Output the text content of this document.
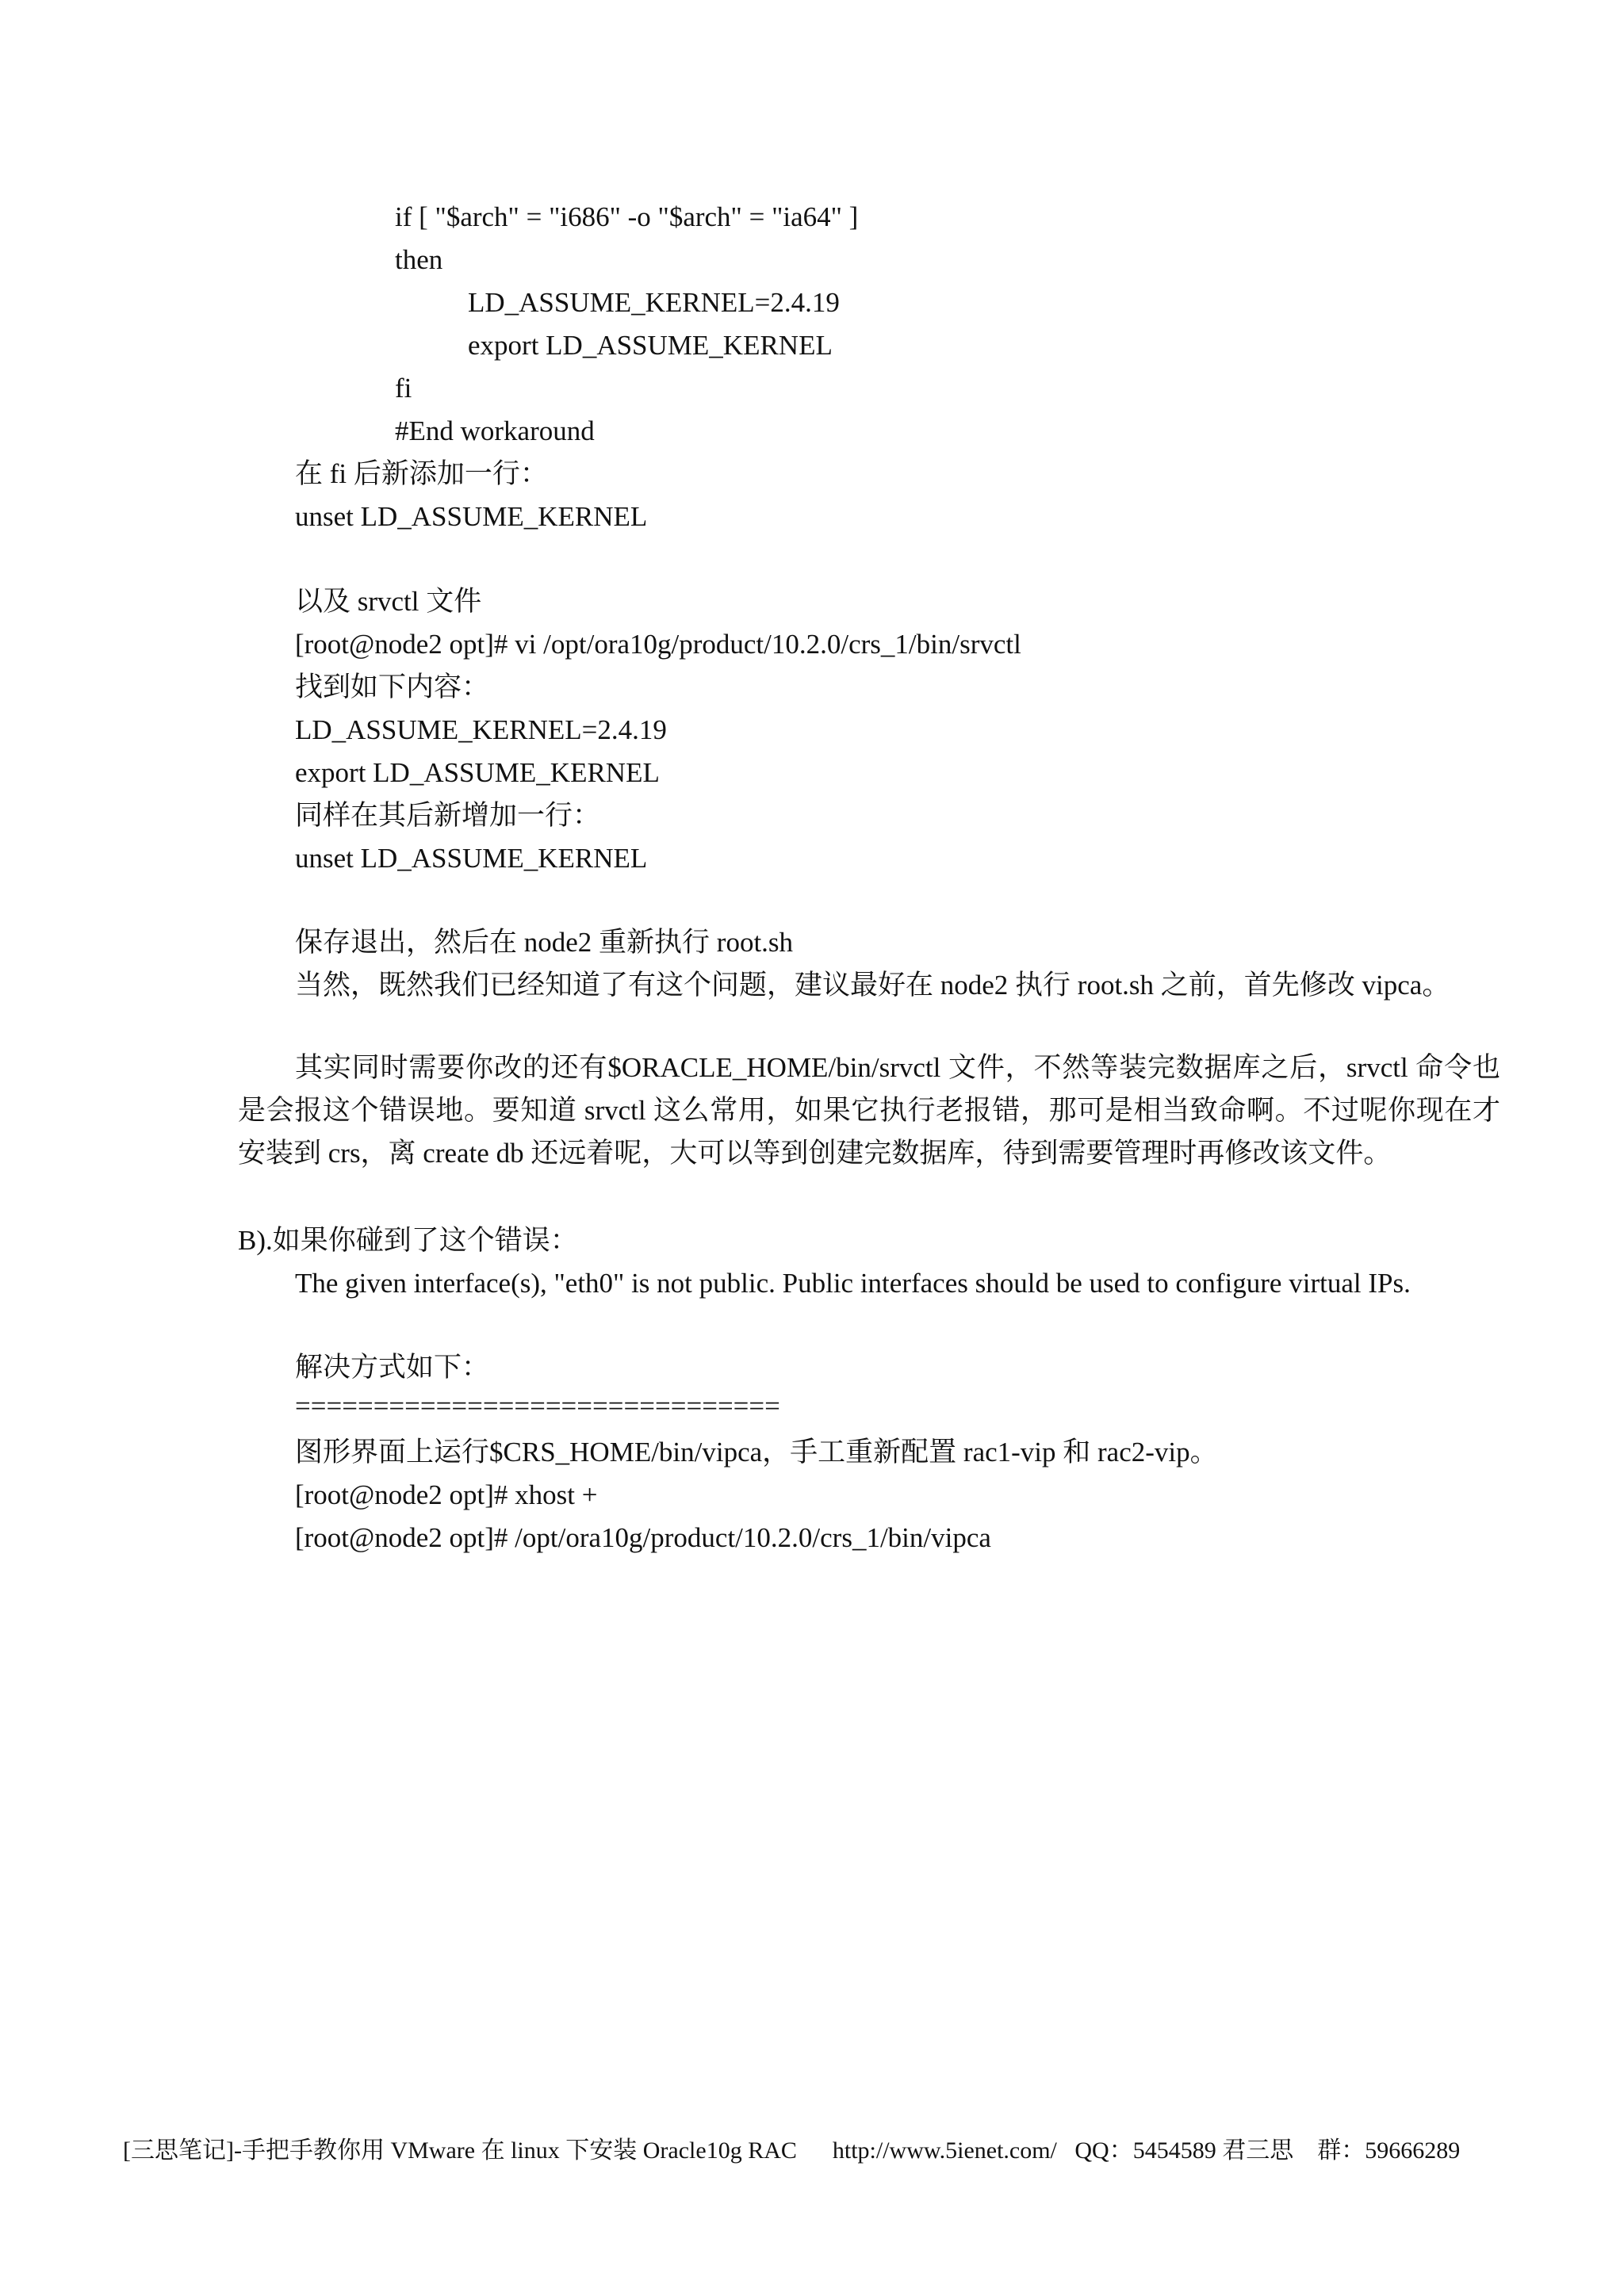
if [ "$arch" = "i686" -o "$arch" = "ia64" ]
then
LD_ASSUME_KERNEL=2.4.19
export LD_ASSUME_KERNEL
fi
#End workaround
在 fi 后新添加一行：
unset LD_ASSUME_KERNEL
以及 srvctl 文件
[root@node2 opt]# vi /opt/ora10g/product/10.2.0/crs_1/bin/srvctl
找到如下内容：
LD_ASSUME_KERNEL=2.4.19
export LD_ASSUME_KERNEL
同样在其后新增加一行：
unset LD_ASSUME_KERNEL
保存退出，然后在 node2 重新执行 root.sh
当然，既然我们已经知道了有这个问题，建议最好在 node2 执行 root.sh 之前，首先修改 vipca。
其实同时需要你改的还有$ORACLE_HOME/bin/srvctl 文件，不然等装完数据库之后，srvctl 命令也是会报这个错误地。要知道 srvctl 这么常用，如果它执行老报错，那可是相当致命啊。不过呢你现在才安装到 crs，离 create db 还远着呢，大可以等到创建完数据库，待到需要管理时再修改该文件。
B).如果你碰到了这个错误：
The given interface(s), "eth0" is not public. Public interfaces should be used to configure virtual IPs.
解决方式如下：
===============================
图形界面上运行$CRS_HOME/bin/vipca，手工重新配置 rac1-vip 和 rac2-vip。
[root@node2 opt]# xhost +
[root@node2 opt]# /opt/ora10g/product/10.2.0/crs_1/bin/vipca
[三思笔记]-手把手教你用 VMware 在 linux 下安装 Oracle10g RAC      http://www.5ienet.com/   QQ：5454589 君三思    群：59666289
